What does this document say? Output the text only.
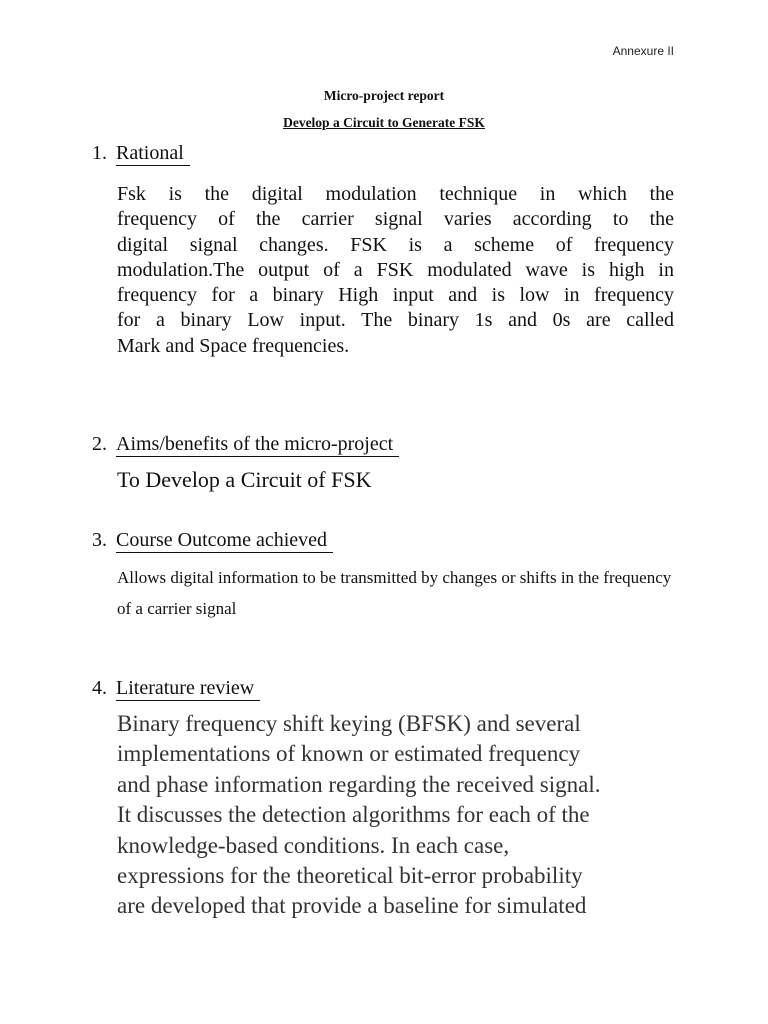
Annexure II
Micro-project report
Develop a Circuit to Generate FSK
1. Rational
Fsk is the digital modulation technique in which the
frequency of the carrier signal varies according to the
digital signal changes. FSK is a scheme of frequency
modulation.The output of a FSK modulated wave is high in
frequency for a binary High input and is low in frequency
for a binary Low input. The binary 1s and 0s are called
Mark and Space frequencies.
2. Aims/benefits of the micro-project
To Develop a Circuit of FSK
3. Course Outcome achieved
Allows digital information to be transmitted by changes or shifts in the frequency of a carrier signal
4. Literature review
Binary frequency shift keying (BFSK) and several
implementations of known or estimated frequency
and phase information regarding the received signal.
It discusses the detection algorithms for each of the
knowledge-based conditions. In each case,
expressions for the theoretical bit-error probability
are developed that provide a baseline for simulated
